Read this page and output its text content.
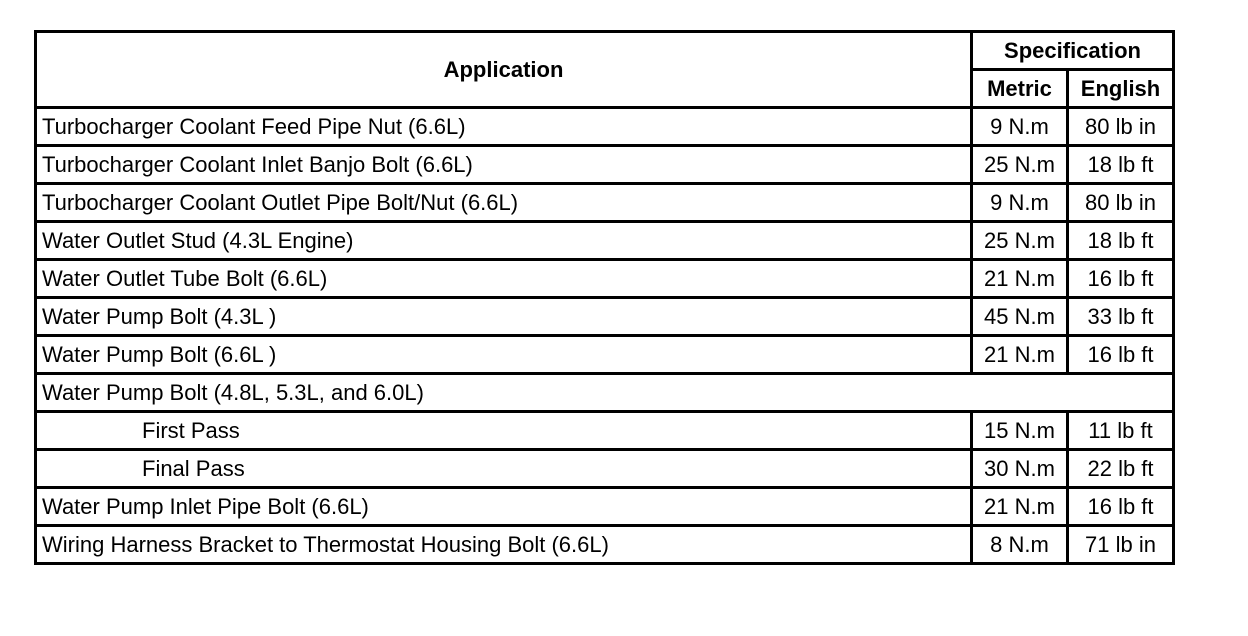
Application	Specification	
	Metric	English
Turbocharger Coolant Feed Pipe Nut (6.6L)	9 N.m	80 lb in
Turbocharger Coolant Inlet Banjo Bolt (6.6L)	25 N.m	18 lb ft
Turbocharger Coolant Outlet Pipe Bolt/Nut (6.6L)	9 N.m	80 lb in
Water Outlet Stud (4.3L Engine)	25 N.m	18 lb ft
Water Outlet Tube Bolt (6.6L)	21 N.m	16 lb ft
Water Pump Bolt (4.3L )	45 N.m	33 lb ft
Water Pump Bolt (6.6L )	21 N.m	16 lb ft
Water Pump Bolt (4.8L, 5.3L, and 6.0L)		
First Pass	15 N.m	11 lb ft
Final Pass	30 N.m	22 lb ft
Water Pump Inlet Pipe Bolt (6.6L)	21 N.m	16 lb ft
Wiring Harness Bracket to Thermostat Housing Bolt (6.6L)	8 N.m	71 lb in
